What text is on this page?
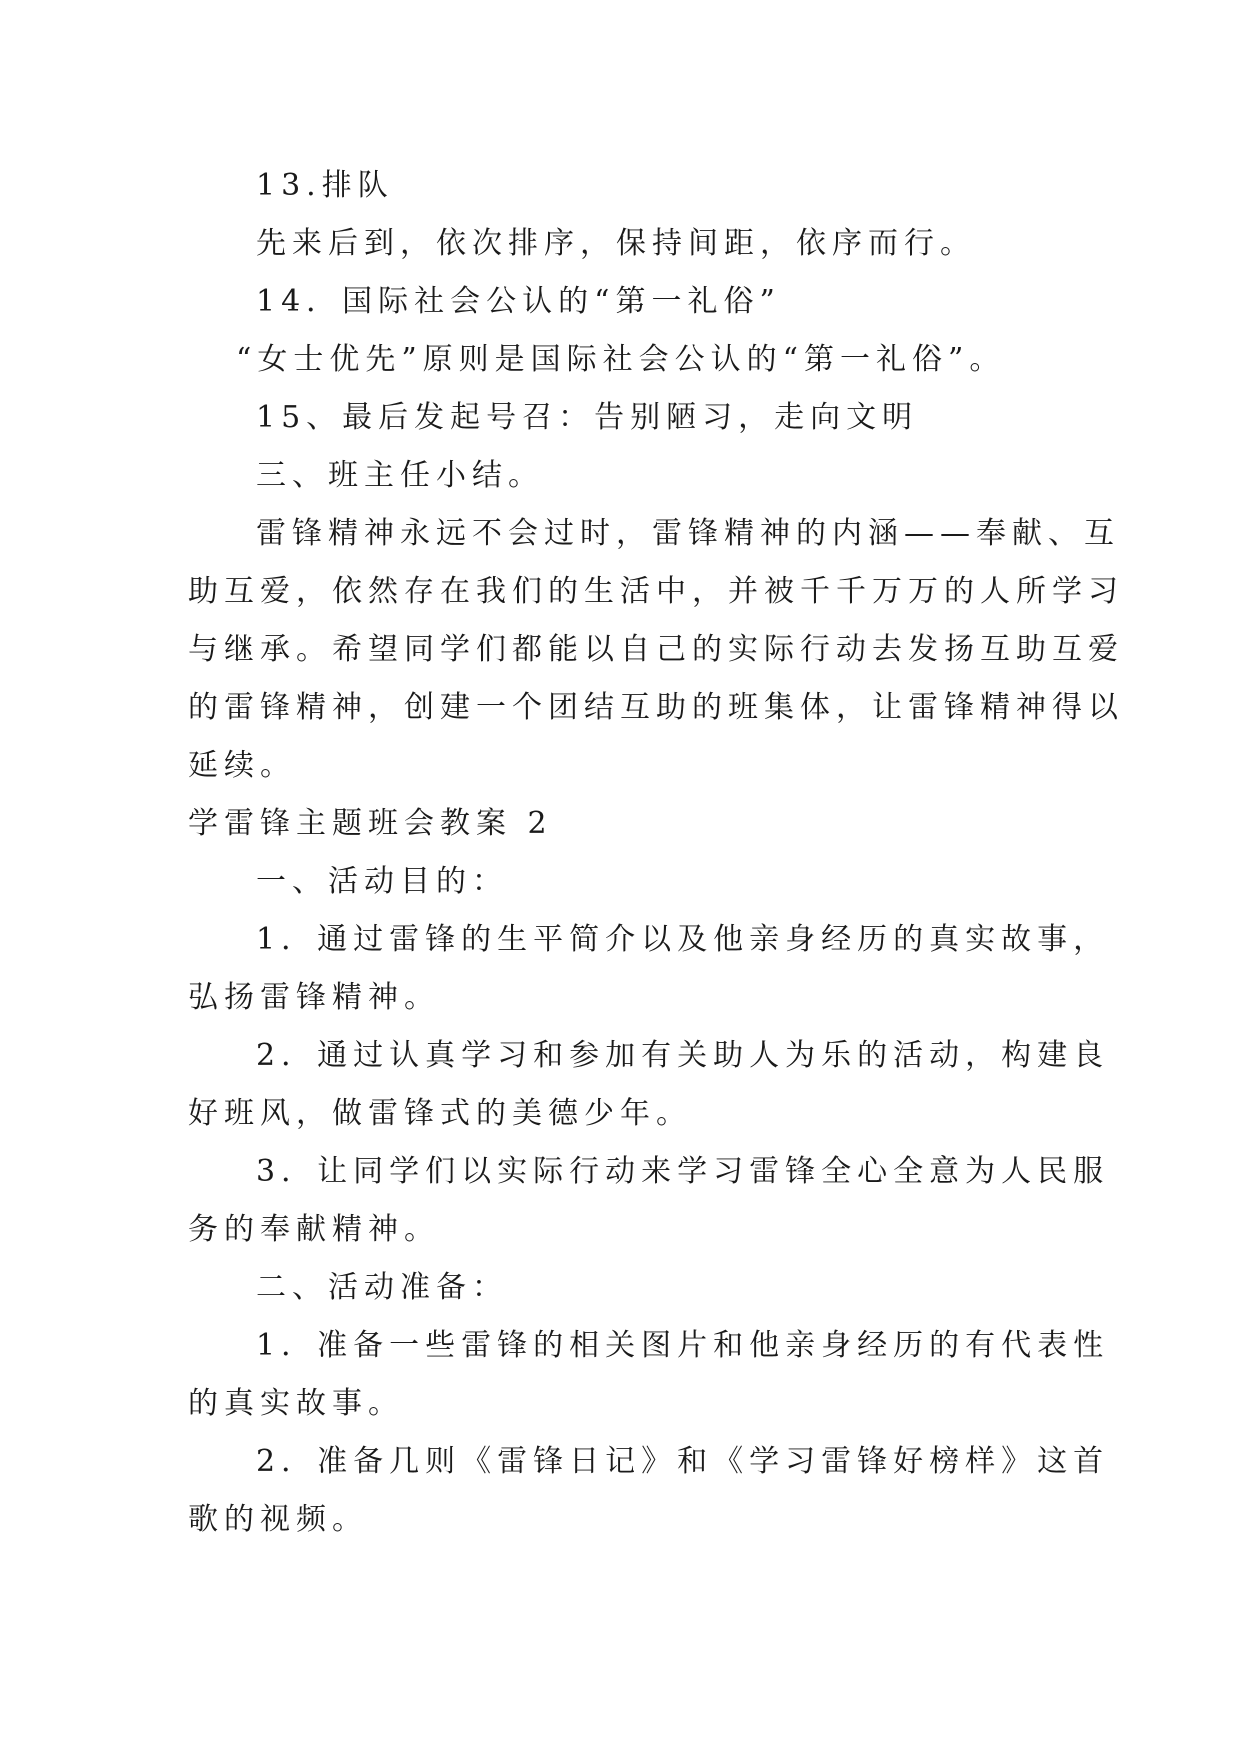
13.排队
先来后到，依次排序，保持间距，依序而行。
14．国际社会公认的“第一礼俗”
“女士优先”原则是国际社会公认的“第一礼俗”。
15、最后发起号召：告别陋习，走向文明
三、班主任小结。
雷锋精神永远不会过时，雷锋精神的内涵——奉献、互
助互爱，依然存在我们的生活中，并被千千万万的人所学习
与继承。希望同学们都能以自己的实际行动去发扬互助互爱
的雷锋精神，创建一个团结互助的班集体，让雷锋精神得以
延续。
学雷锋主题班会教案 2
一、活动目的：
1．通过雷锋的生平简介以及他亲身经历的真实故事，
弘扬雷锋精神。
2．通过认真学习和参加有关助人为乐的活动，构建良
好班风，做雷锋式的美德少年。
3．让同学们以实际行动来学习雷锋全心全意为人民服
务的奉献精神。
二、活动准备：
1．准备一些雷锋的相关图片和他亲身经历的有代表性
的真实故事。
2．准备几则《雷锋日记》和《学习雷锋好榜样》这首
歌的视频。
